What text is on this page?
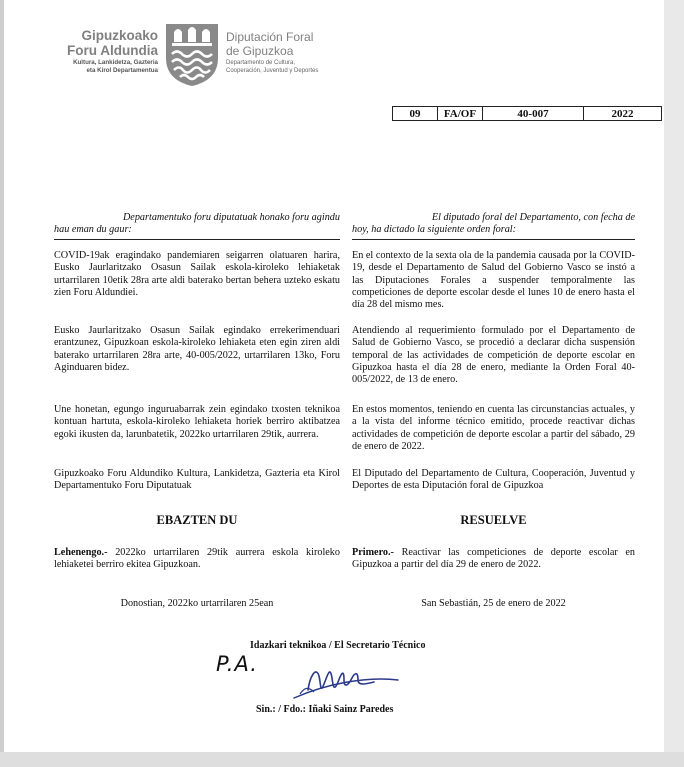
Gipuzkoako
Foru Aldundia
Kultura, Lankidetza, Gazteria
eta Kirol Departamentua
Diputación Foral
de Gipuzkoa
Departamento de Cultura,
Cooperación, Juventud y Deportes
09	FA/OF	40-007	2022
Departamentuko foru diputatuak honako foru agindu
hau eman du gaur:
El diputado foral del Departamento, con fecha de
hoy, ha dictado la siguiente orden foral:
COVID-19ak eragindako pandemiaren seigarren olatuaren harira, Eusko Jaurlaritzako Osasun Sailak eskola-kiroleko lehiaketak urtarrilaren 10etik 28ra arte aldi baterako bertan behera uzteko eskatu zien Foru Aldundiei.
En el contexto de la sexta ola de la pandemia causada por la COVID-19, desde el Departamento de Salud del Gobierno Vasco se instó a las Diputaciones Forales a suspender temporalmente las competiciones de deporte escolar desde el lunes 10 de enero hasta el día 28 del mismo mes.
Eusko Jaurlaritzako Osasun Sailak egindako errekerimenduari erantzunez, Gipuzkoan eskola-kiroleko lehiaketa eten egin ziren aldi baterako urtarrilaren 28ra arte, 40-005/2022, urtarrilaren 13ko, Foru Aginduaren bidez.
Atendiendo al requerimiento formulado por el Departamento de Salud de Gobierno Vasco, se procedió a declarar dicha suspensión temporal de las actividades de competición de deporte escolar en Gipuzkoa hasta el día 28 de enero, mediante la Orden Foral 40-005/2022, de 13 de enero.
Une honetan, egungo inguruabarrak zein egindako txosten teknikoa kontuan hartuta, eskola-kiroleko lehiaketa horiek berriro aktibatzea egoki ikusten da, larunbatetik, 2022ko urtarrilaren 29tik, aurrera.
En estos momentos, teniendo en cuenta las circunstancias actuales, y a la vista del informe técnico emitido, procede reactivar dichas actividades de competición de deporte escolar a partir del sábado, 29 de enero de 2022.
Gipuzkoako Foru Aldundiko Kultura, Lankidetza, Gazteria eta Kirol Departamentuko Foru Diputatuak
El Diputado del Departamento de Cultura, Cooperación, Juventud y Deportes de esta Diputación foral de Gipuzkoa
EBAZTEN DU	RESUELVE
Lehenengo.- 2022ko urtarrilaren 29tik aurrera eskola kiroleko lehiaketei berriro ekitea Gipuzkoan.
Primero.- Reactivar las competiciones de deporte escolar en Gipuzkoa a partir del día 29 de enero de 2022.
Donostian, 2022ko urtarrilaren 25ean	San Sebastián, 25 de enero de 2022
Idazkari teknikoa / El Secretario Técnico
P.A.
Sin.: / Fdo.: Iñaki Sainz Paredes
